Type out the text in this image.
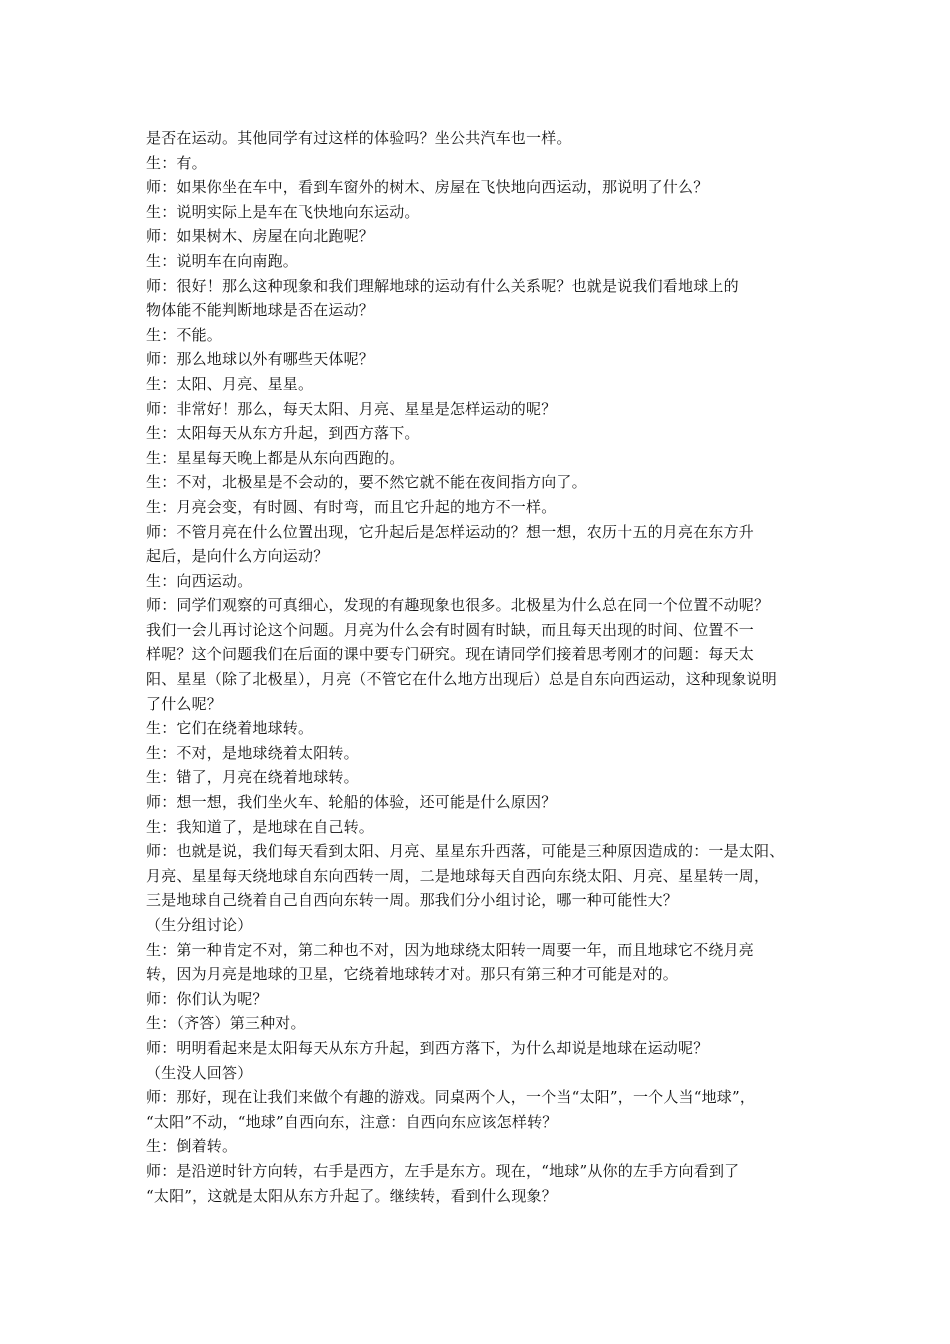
是否在运动。其他同学有过这样的体验吗？坐公共汽车也一样。
生：有。
师：如果你坐在车中，看到车窗外的树木、房屋在飞快地向西运动，那说明了什么？
生：说明实际上是车在飞快地向东运动。
师：如果树木、房屋在向北跑呢？
生：说明车在向南跑。
师：很好！那么这种现象和我们理解地球的运动有什么关系呢？也就是说我们看地球上的
物体能不能判断地球是否在运动？
生：不能。
师：那么地球以外有哪些天体呢？
生：太阳、月亮、星星。
师：非常好！那么，每天太阳、月亮、星星是怎样运动的呢？
生：太阳每天从东方升起，到西方落下。
生：星星每天晚上都是从东向西跑的。
生：不对，北极星是不会动的，要不然它就不能在夜间指方向了。
生：月亮会变，有时圆、有时弯，而且它升起的地方不一样。
师：不管月亮在什么位置出现，它升起后是怎样运动的？想一想，农历十五的月亮在东方升
起后，是向什么方向运动？
生：向西运动。
师：同学们观察的可真细心，发现的有趣现象也很多。北极星为什么总在同一个位置不动呢？
我们一会儿再讨论这个问题。月亮为什么会有时圆有时缺，而且每天出现的时间、位置不一
样呢？这个问题我们在后面的课中要专门研究。现在请同学们接着思考刚才的问题：每天太
阳、星星（除了北极星），月亮（不管它在什么地方出现后）总是自东向西运动，这种现象说明
了什么呢？
生：它们在绕着地球转。
生：不对，是地球绕着太阳转。
生：错了，月亮在绕着地球转。
师：想一想，我们坐火车、轮船的体验，还可能是什么原因？
生：我知道了，是地球在自己转。
师：也就是说，我们每天看到太阳、月亮、星星东升西落，可能是三种原因造成的：一是太阳、
月亮、星星每天绕地球自东向西转一周，二是地球每天自西向东绕太阳、月亮、星星转一周，
三是地球自己绕着自己自西向东转一周。那我们分小组讨论，哪一种可能性大？
（生分组讨论）
生：第一种肯定不对，第二种也不对，因为地球绕太阳转一周要一年，而且地球它不绕月亮
转，因为月亮是地球的卫星，它绕着地球转才对。那只有第三种才可能是对的。
师：你们认为呢？
生：（齐答）第三种对。
师：明明看起来是太阳每天从东方升起，到西方落下，为什么却说是地球在运动呢？
（生没人回答）
师：那好，现在让我们来做个有趣的游戏。同桌两个人，一个当“太阳”，一个人当“地球”，
“太阳”不动，“地球”自西向东，注意：自西向东应该怎样转？
生：倒着转。
师：是沿逆时针方向转，右手是西方，左手是东方。现在，“地球”从你的左手方向看到了
“太阳”，这就是太阳从东方升起了。继续转，看到什么现象？
